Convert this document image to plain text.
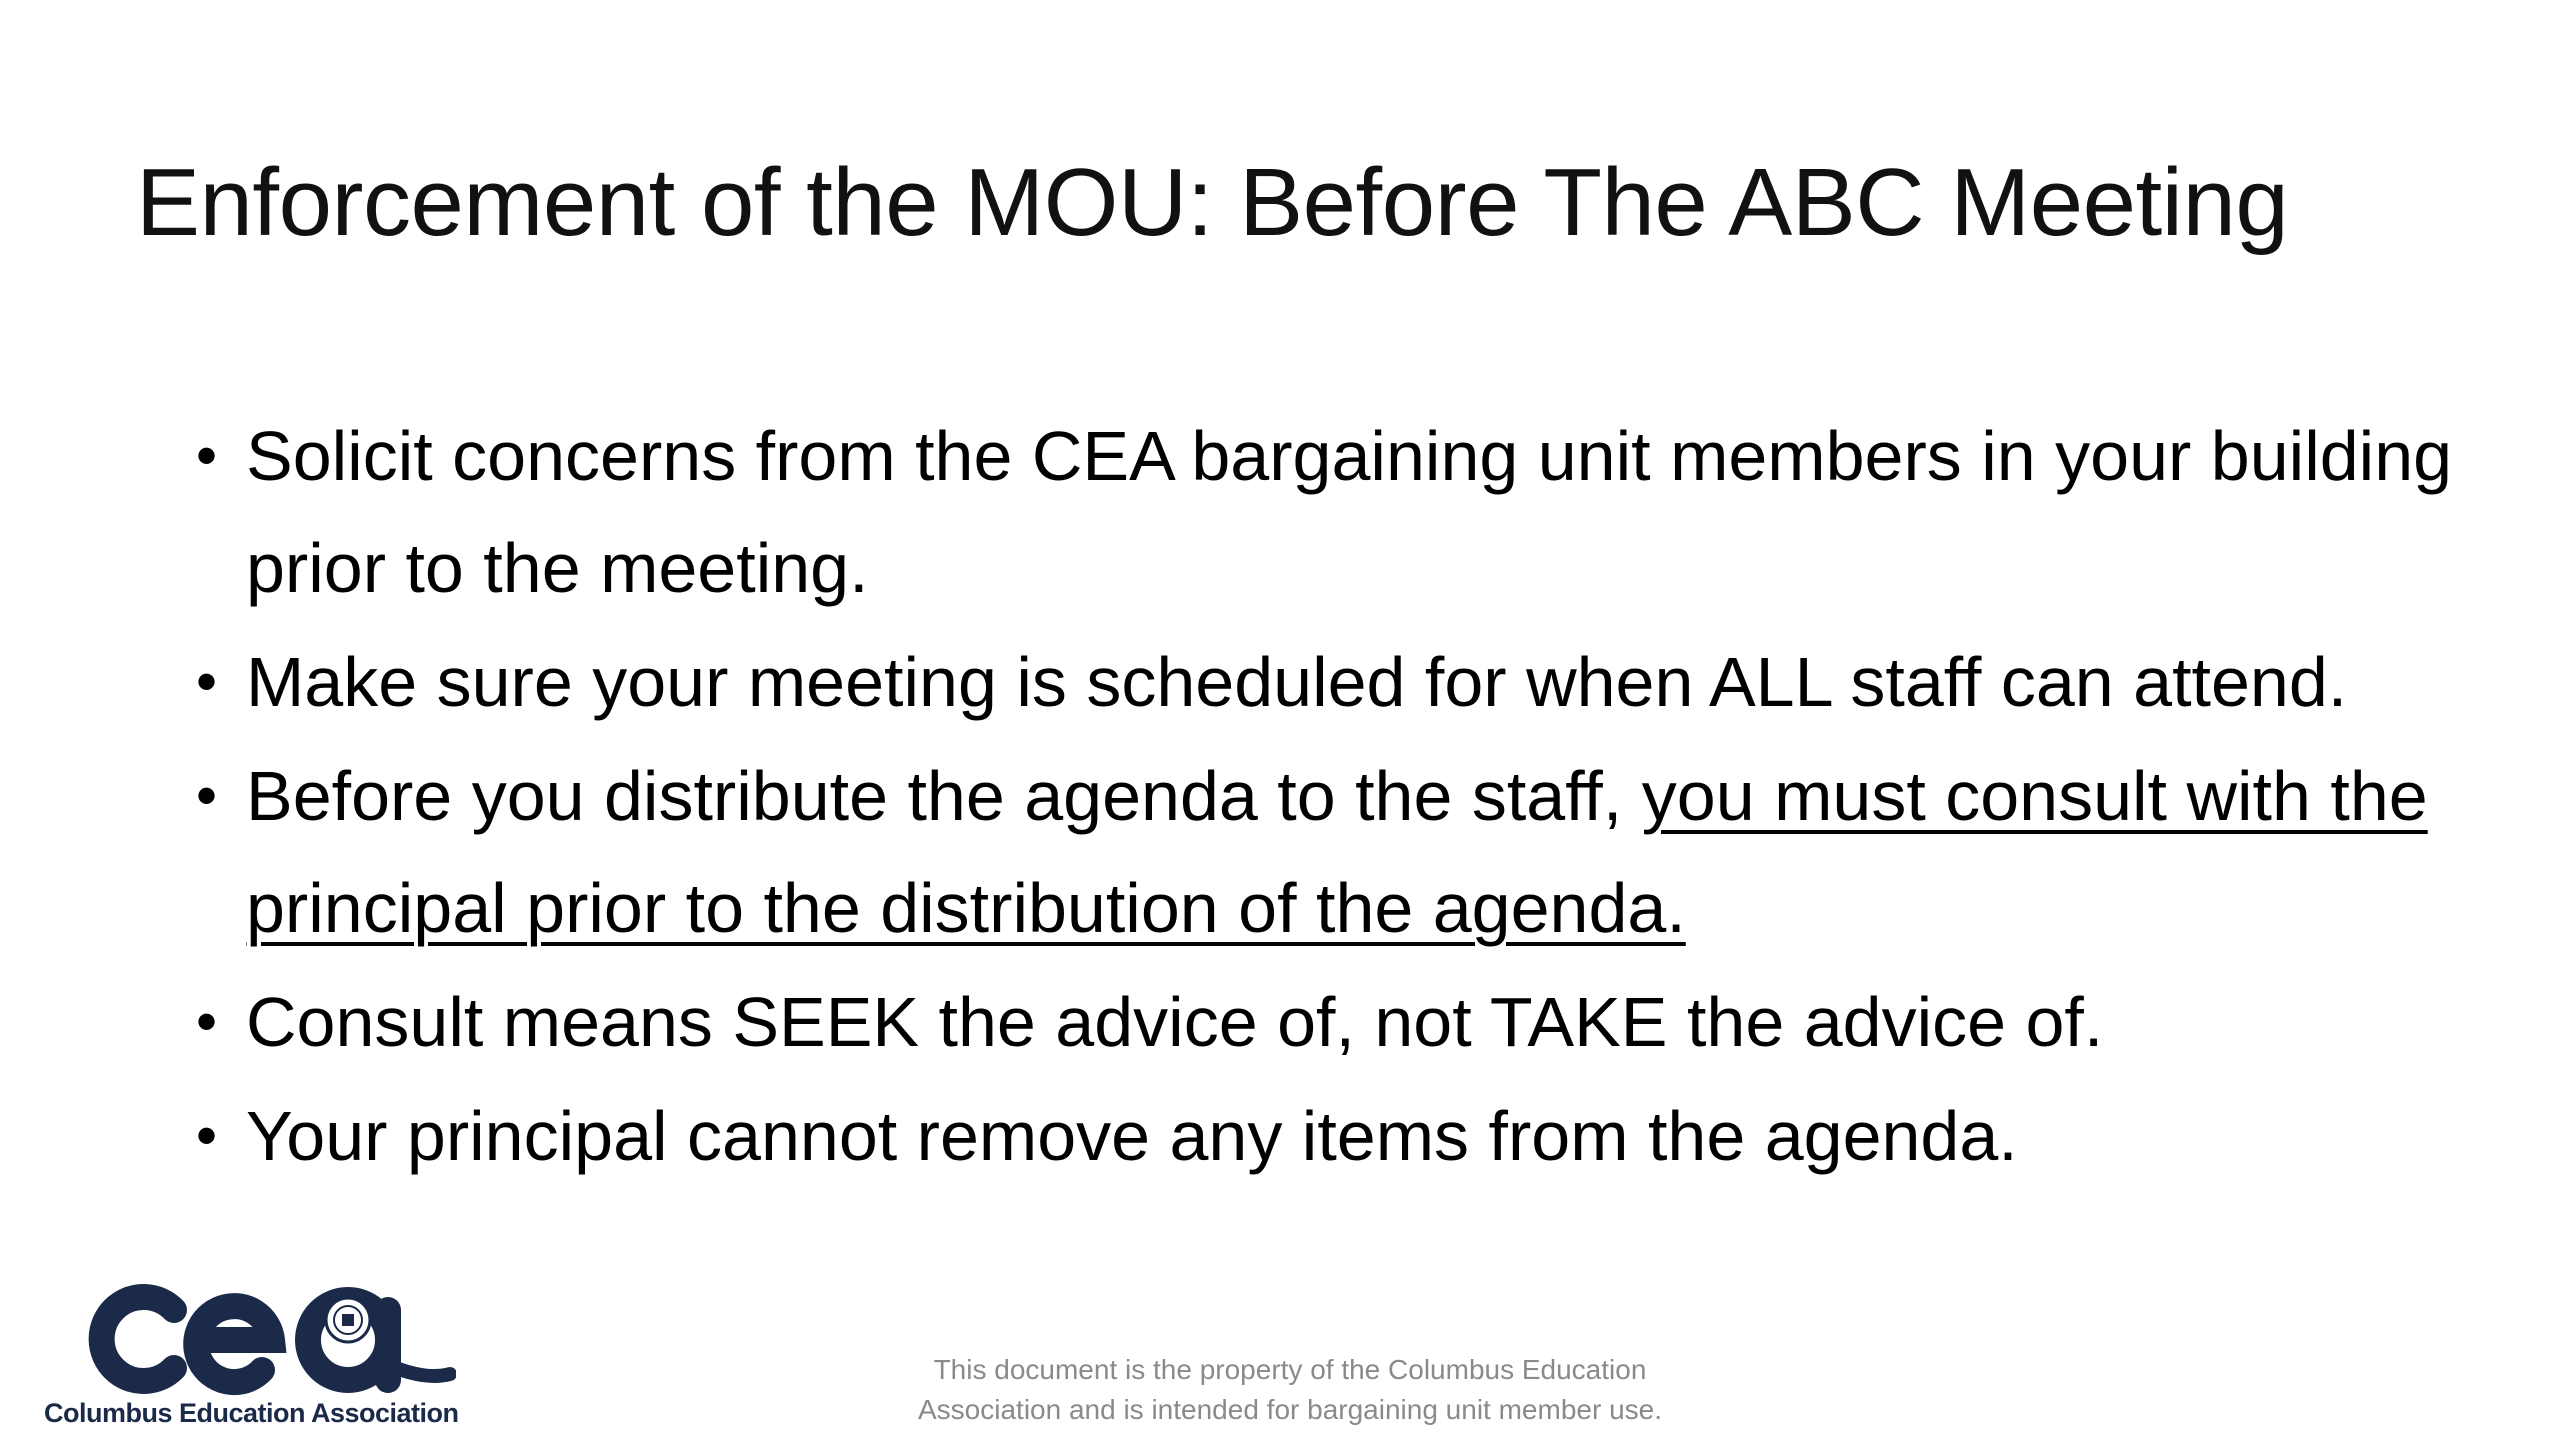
Enforcement of the MOU: Before The ABC Meeting
• Solicit concerns from the CEA bargaining unit members in your building prior to the meeting.
• Make sure your meeting is scheduled for when ALL staff can attend.
• Before you distribute the agenda to the staff, you must consult with the principal prior to the distribution of the agenda.
• Consult means SEEK the advice of, not TAKE the advice of.
• Your principal cannot remove any items from the agenda.
Columbus Education Association
This document is the property of the Columbus Education
Association and is intended for bargaining unit member use.
